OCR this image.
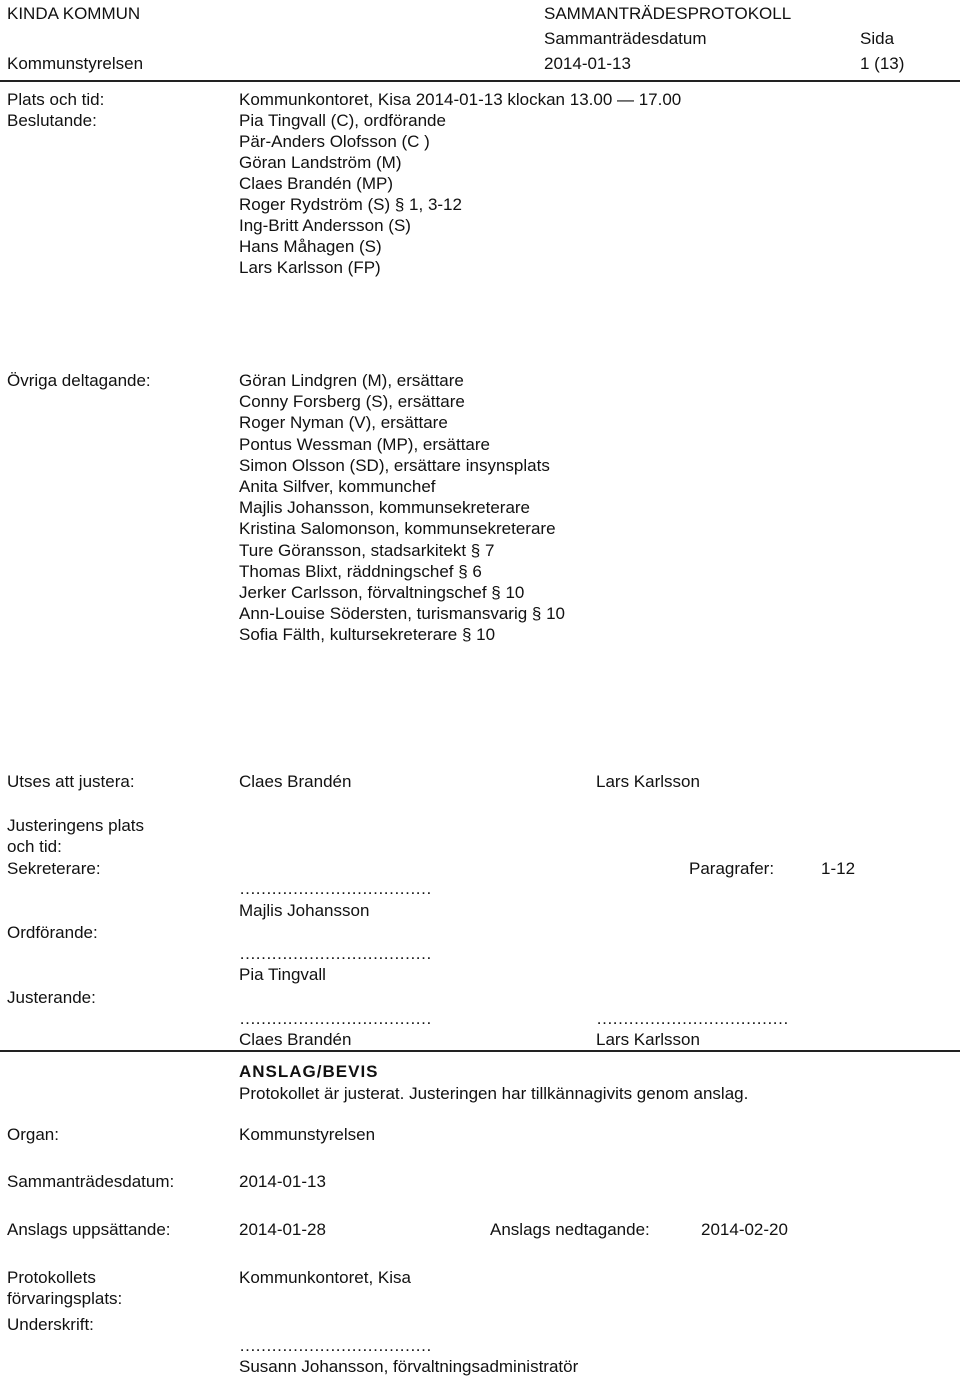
KINDA KOMMUN	SAMMANTRÄDESPROTOKOLL
Sammanträdesdatum	Sida
Kommunstyrelsen	2014-01-13	1 (13)
Plats och tid:	Kommunkontoret, Kisa 2014-01-13 klockan 13.00 — 17.00
Beslutande:	Pia Tingvall (C), ordförande
Pär-Anders Olofsson (C )
Göran Landström (M)
Claes Brandén (MP)
Roger Rydström (S) § 1, 3-12
Ing-Britt Andersson (S)
Hans Måhagen (S)
Lars Karlsson (FP)
Övriga deltagande:	Göran Lindgren (M), ersättare
Conny Forsberg (S), ersättare
Roger Nyman (V), ersättare
Pontus Wessman (MP), ersättare
Simon Olsson (SD), ersättare insynsplats
Anita Silfver, kommunchef
Majlis Johansson, kommunsekreterare
Kristina Salomonson, kommunsekreterare
Ture Göransson, stadsarkitekt § 7
Thomas Blixt, räddningschef § 6
Jerker Carlsson, förvaltningschef § 10
Ann-Louise Södersten, turismansvarig § 10
Sofia Fälth, kultursekreterare § 10
Utses att justera:	Claes Brandén	Lars Karlsson
Justeringens plats
och tid:
Sekreterare:	Paragrafer:	1-12
………………………………
Majlis Johansson
Ordförande:
………………………………
Pia Tingvall
Justerande:
………………………………	………………………………
Claes Brandén	Lars Karlsson
ANSLAG/BEVIS
Protokollet är justerat. Justeringen har tillkännagivits genom anslag.
Organ:	Kommunstyrelsen
Sammanträdesdatum:	2014-01-13
Anslags uppsättande:	2014-01-28	Anslags nedtagande:	2014-02-20
Protokollets
förvaringsplats:
Kommunkontoret, Kisa
Underskrift:
………………………………
Susann Johansson, förvaltningsadministratör
